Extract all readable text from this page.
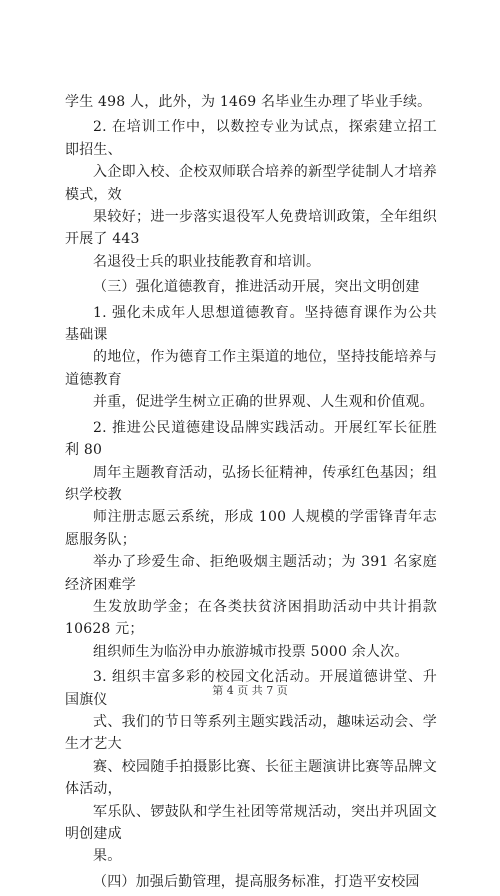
学生 498 人，此外，为 1469 名毕业生办理了毕业手续。

2. 在培训工作中，以数控专业为试点，探索建立招工即招生、
入企即入校、企校双师联合培养的新型学徒制人才培养模式，效
果较好；进一步落实退役军人免费培训政策，全年组织开展了 443
名退役士兵的职业技能教育和培训。

（三）强化道德教育，推进活动开展，突出文明创建

1. 强化未成年人思想道德教育。坚持德育课作为公共基础课
的地位，作为德育工作主渠道的地位，坚持技能培养与道德教育
并重，促进学生树立正确的世界观、人生观和价值观。

2. 推进公民道德建设品牌实践活动。开展红军长征胜利 80
周年主题教育活动，弘扬长征精神，传承红色基因；组织学校教
师注册志愿云系统，形成 100 人规模的学雷锋青年志愿服务队；
举办了珍爱生命、拒绝吸烟主题活动；为 391 名家庭经济困难学
生发放助学金；在各类扶贫济困捐助活动中共计捐款 10628 元；
组织师生为临汾申办旅游城市投票 5000 余人次。

3. 组织丰富多彩的校园文化活动。开展道德讲堂、升国旗仪
式、我们的节日等系列主题实践活动，趣味运动会、学生才艺大
赛、校园随手拍摄影比赛、长征主题演讲比赛等品牌文体活动，
军乐队、锣鼓队和学生社团等常规活动，突出并巩固文明创建成
果。

（四）加强后勤管理，提高服务标准，打造平安校园

第 4 页 共 7 页
